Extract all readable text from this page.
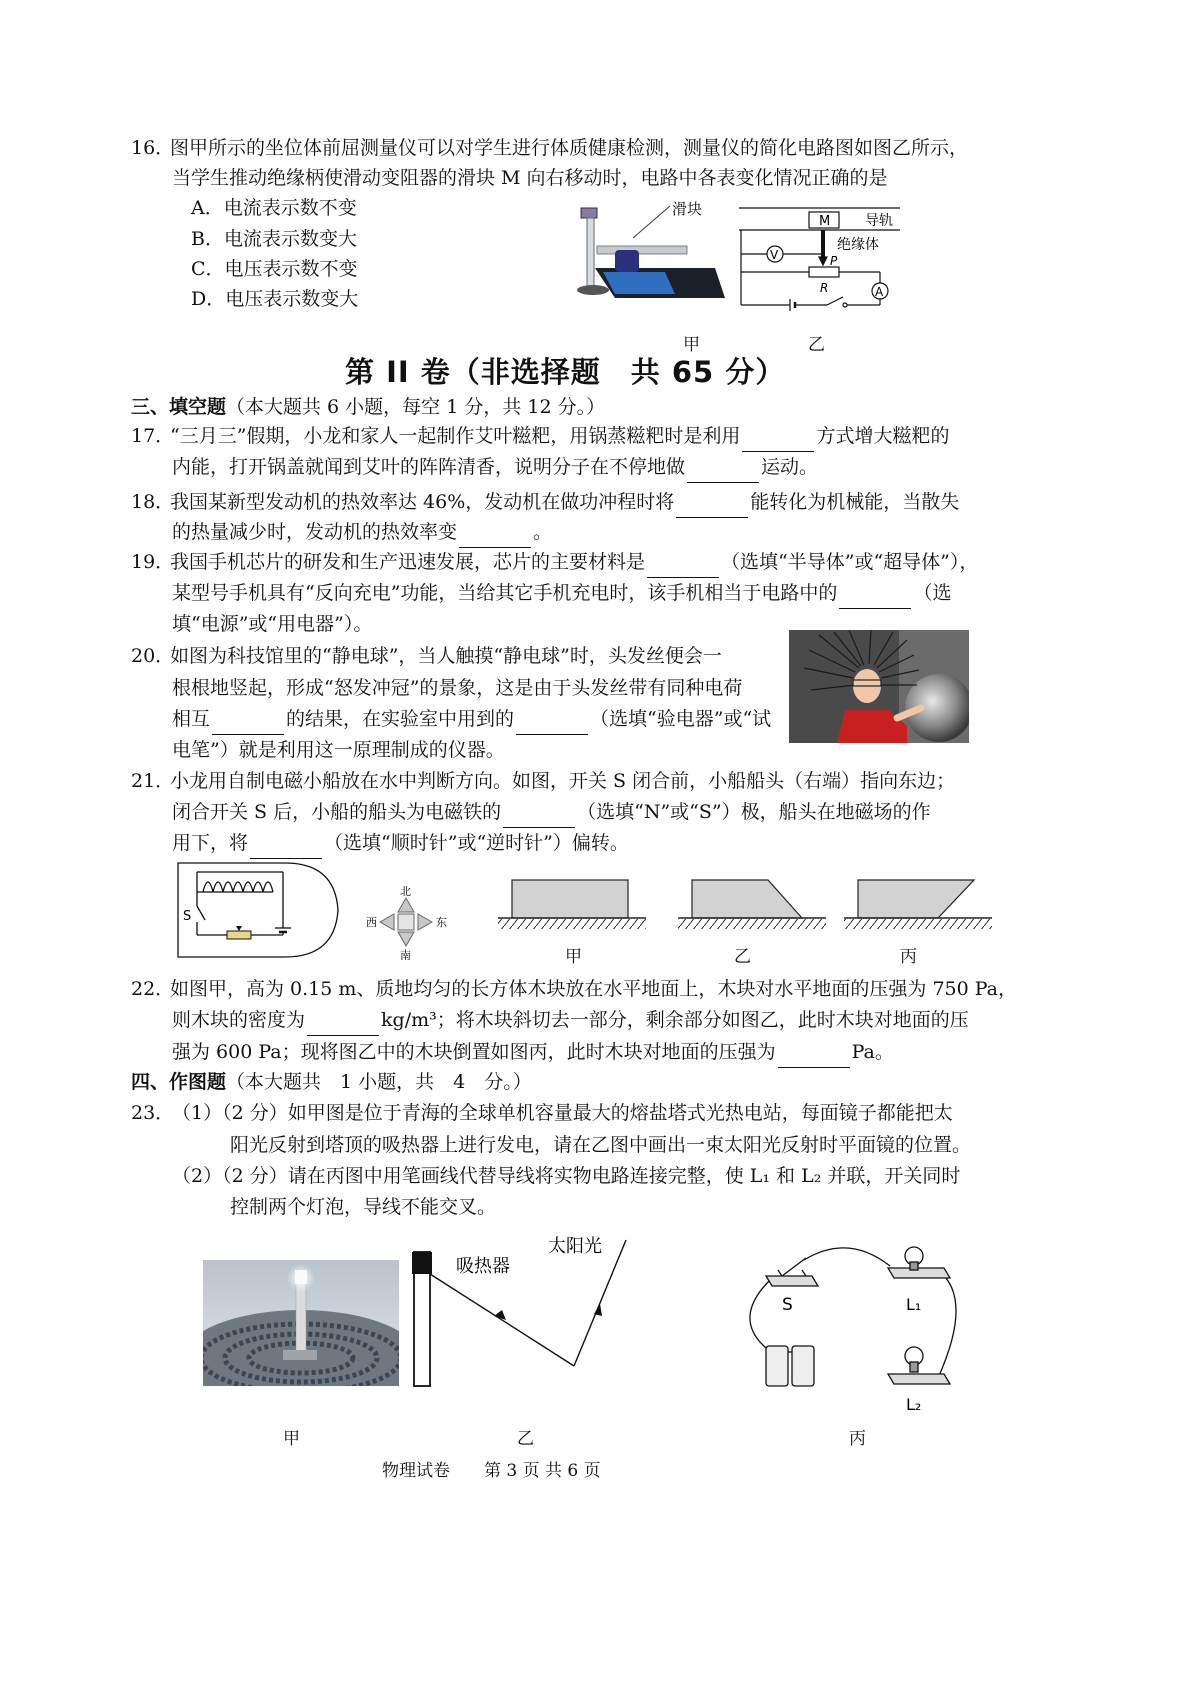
16．
图甲所示的坐位体前屈测量仪可以对学生进行体质健康检测，测量仪的简化电路图如图乙所示，
当学生推动绝缘柄使滑动变阻器的滑块 M 向右移动时，电路中各表变化情况正确的是
A．电流表示数不变
B．电流表示数变大
C．电压表示数不变
D．电压表示数变大
滑块
M 导轨
绝缘体
V
A
P
R
甲	乙
第 II 卷（非选择题　共 65 分）
三、填空题（本大题共 6 小题，每空 1 分，共 12 分。）
17．
“三月三”假期，小龙和家人一起制作艾叶糍粑，用锅蒸糍粑时是利用	方式增大糍粑的
内能，打开锅盖就闻到艾叶的阵阵清香，说明分子在不停地做	运动。
18．
我国某新型发动机的热效率达 46%，发动机在做功冲程时将	能转化为机械能，当散失
的热量减少时，发动机的热效率变	。
19．
我国手机芯片的研发和生产迅速发展，芯片的主要材料是	（选填“半导体”或“超导体”），
某型号手机具有“反向充电”功能，当给其它手机充电时，该手机相当于电路中的	（选
填“电源”或“用电器”）。
20．
如图为科技馆里的“静电球”，当人触摸“静电球”时，头发丝便会一
根根地竖起，形成“怒发冲冠”的景象，这是由于头发丝带有同种电荷
相互	的结果，在实验室中用到的	（选填“验电器”或“试
电笔”）就是利用这一原理制成的仪器。
21．
小龙用自制电磁小船放在水中判断方向。如图，开关 S 闭合前，小船船头（右端）指向东边；
闭合开关 S 后，小船的船头为电磁铁的	（选填“N”或“S”）极，船头在地磁场的作
用下，将	（选填“顺时针”或“逆时针”）偏转。
S
北
南
西	东
甲	乙	丙
22．
如图甲，高为 0.15 m、质地均匀的长方体木块放在水平地面上，木块对水平地面的压强为 750 Pa，
则木块的密度为	kg/m³；将木块斜切去一部分，剩余部分如图乙，此时木块对地面的压
强为 600 Pa；现将图乙中的木块倒置如图丙，此时木块对地面的压强为	Pa。
四、作图题（本大题共　1 小题，共　4　分。）
23．
（1）（2 分）如甲图是位于青海的全球单机容量最大的熔盐塔式光热电站，每面镜子都能把太
阳光反射到塔顶的吸热器上进行发电，请在乙图中画出一束太阳光反射时平面镜的位置。
（2）（2 分）请在丙图中用笔画线代替导线将实物电路连接完整，使 L₁ 和 L₂ 并联，开关同时
控制两个灯泡，导线不能交叉。
吸热器
太阳光
S	L₁
L₂
甲	乙	丙
物理试卷　　第 3 页 共 6 页
